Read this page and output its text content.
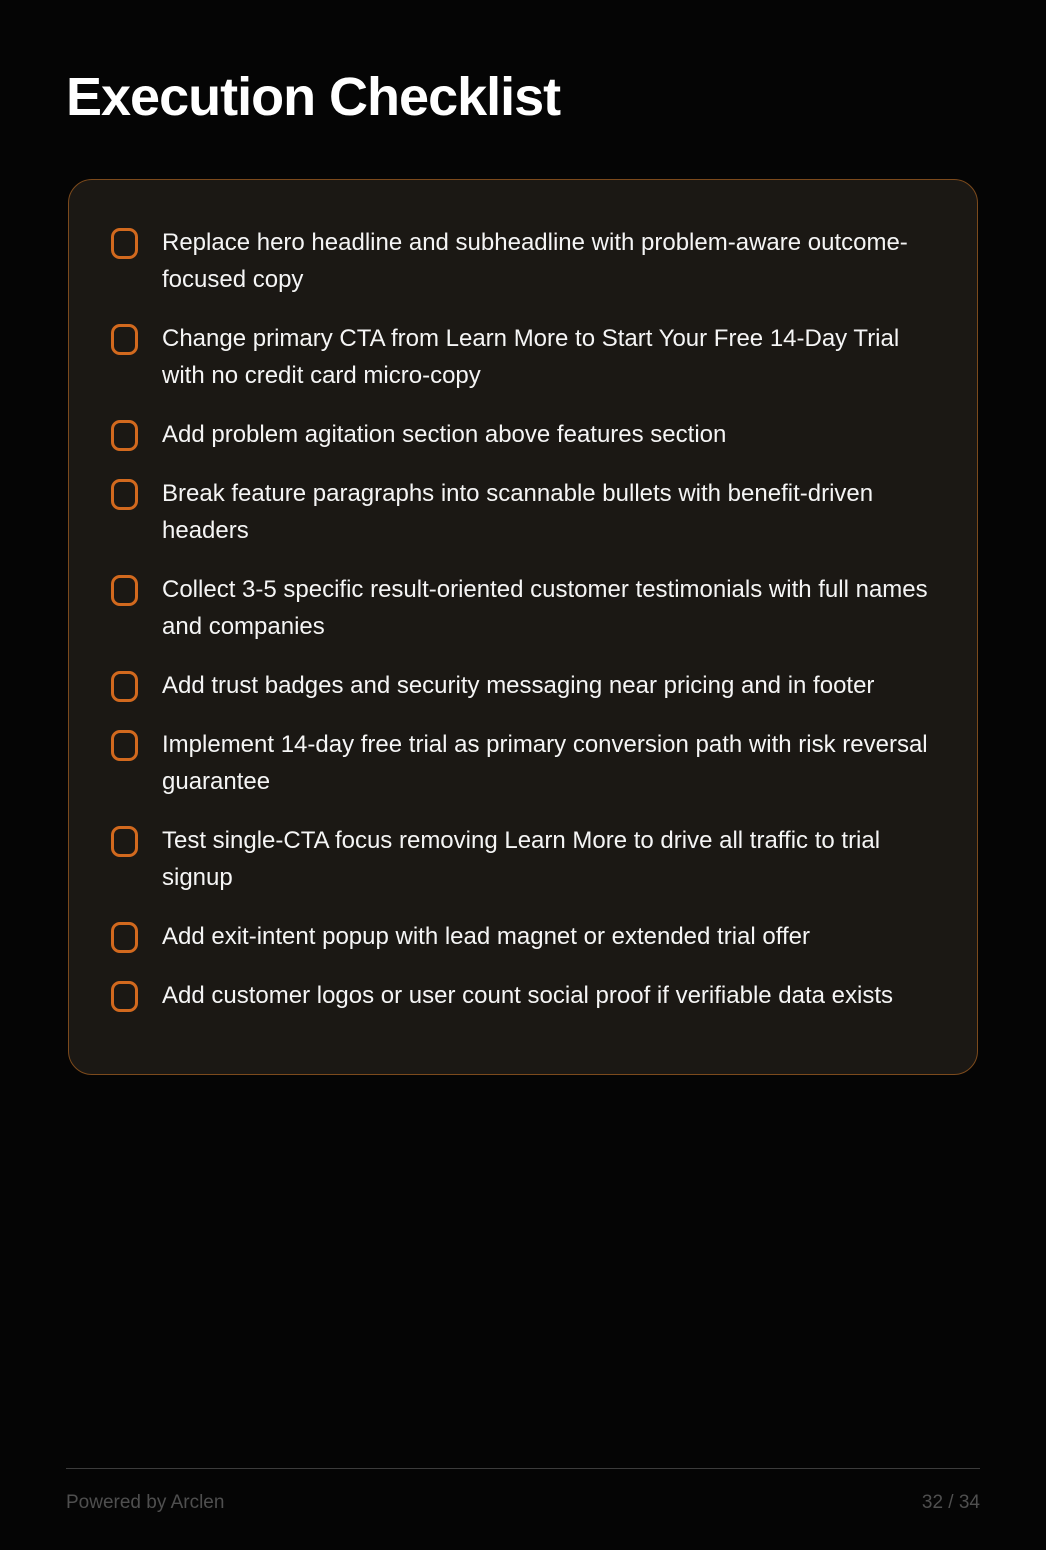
Execution Checklist
Replace hero headline and subheadline with problem-aware outcome-focused copy
Change primary CTA from Learn More to Start Your Free 14-Day Trial with no credit card micro-copy
Add problem agitation section above features section
Break feature paragraphs into scannable bullets with benefit-driven headers
Collect 3-5 specific result-oriented customer testimonials with full names and companies
Add trust badges and security messaging near pricing and in footer
Implement 14-day free trial as primary conversion path with risk reversal guarantee
Test single-CTA focus removing Learn More to drive all traffic to trial signup
Add exit-intent popup with lead magnet or extended trial offer
Add customer logos or user count social proof if verifiable data exists
Powered by Arclen	32 / 34
